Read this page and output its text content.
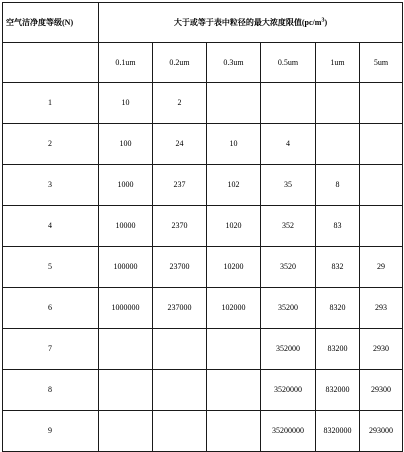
空气洁净度等级(N)	大于或等于表中粒径的最大浓度限值$(pc/m^3)$					
	0.1um	0.2um	0.3um	0.5um	1um	5um
1	10	2				
2	100	24	10	4		
3	1000	237	102	35	8	
4	10000	2370	1020	352	83	
5	100000	23700	10200	3520	832	29
6	1000000	237000	102000	35200	8320	293
7				352000	83200	2930
8				3520000	832000	29300
9				35200000	8320000	293000
